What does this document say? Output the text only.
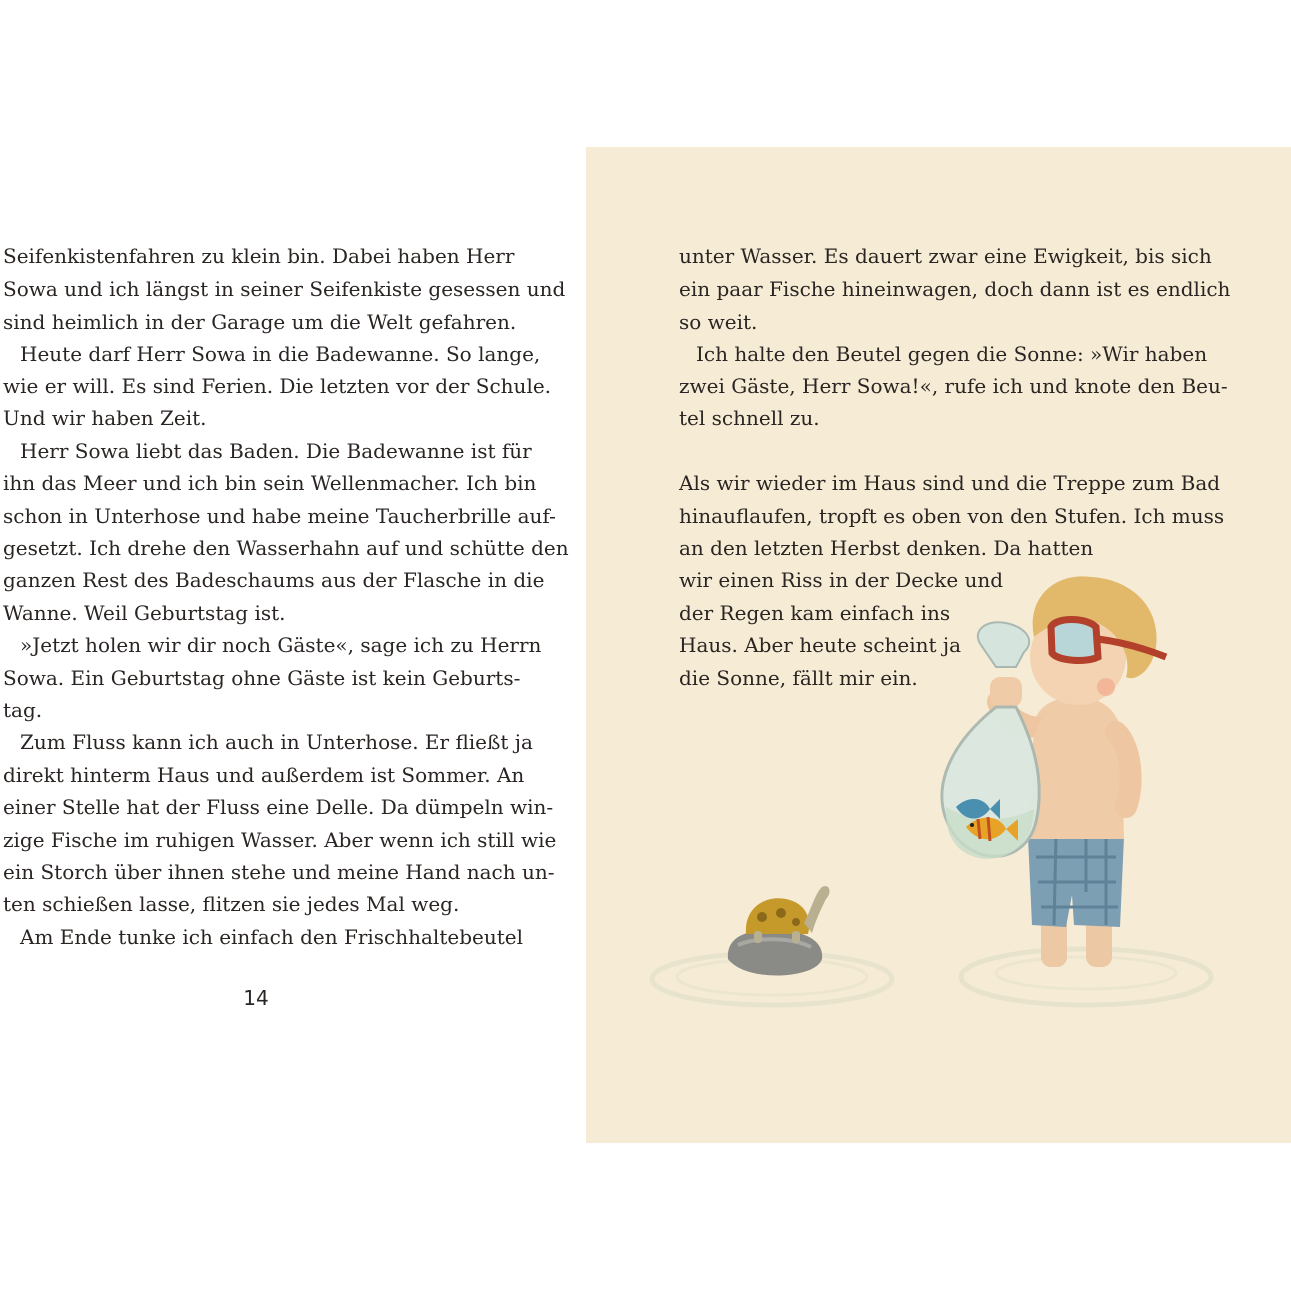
Seifenkistenfahren zu klein bin. Dabei haben Herr
Sowa und ich längst in seiner Seifenkiste gesessen und
sind heimlich in der Garage um die Welt gefahren.
Heute darf Herr Sowa in die Badewanne. So lange,
wie er will. Es sind Ferien. Die letzten vor der Schule.
Und wir haben Zeit.
Herr Sowa liebt das Baden. Die Badewanne ist für
ihn das Meer und ich bin sein Wellenmacher. Ich bin
schon in Unterhose und habe meine Taucherbrille auf-
gesetzt. Ich drehe den Wasserhahn auf und schütte den
ganzen Rest des Badeschaums aus der Flasche in die
Wanne. Weil Geburtstag ist.
»Jetzt holen wir dir noch Gäste«, sage ich zu Herrn
Sowa. Ein Geburtstag ohne Gäste ist kein Geburts-
tag.
Zum Fluss kann ich auch in Unterhose. Er fließt ja
direkt hinterm Haus und außerdem ist Sommer. An
einer Stelle hat der Fluss eine Delle. Da dümpeln win-
zige Fische im ruhigen Wasser. Aber wenn ich still wie
ein Storch über ihnen stehe und meine Hand nach un-
ten schießen lasse, flitzen sie jedes Mal weg.
Am Ende tunke ich einfach den Frischhaltebeutel
14
unter Wasser. Es dauert zwar eine Ewigkeit, bis sich
ein paar Fische hineinwagen, doch dann ist es endlich
so weit.
Ich halte den Beutel gegen die Sonne: »Wir haben
zwei Gäste, Herr Sowa!«, rufe ich und knote den Beu-
tel schnell zu.
Als wir wieder im Haus sind und die Treppe zum Bad
hinauflaufen, tropft es oben von den Stufen. Ich muss
an den letzten Herbst denken. Da hatten
wir einen Riss in der Decke und
der Regen kam einfach ins
Haus. Aber heute scheint ja
die Sonne, fällt mir ein.
